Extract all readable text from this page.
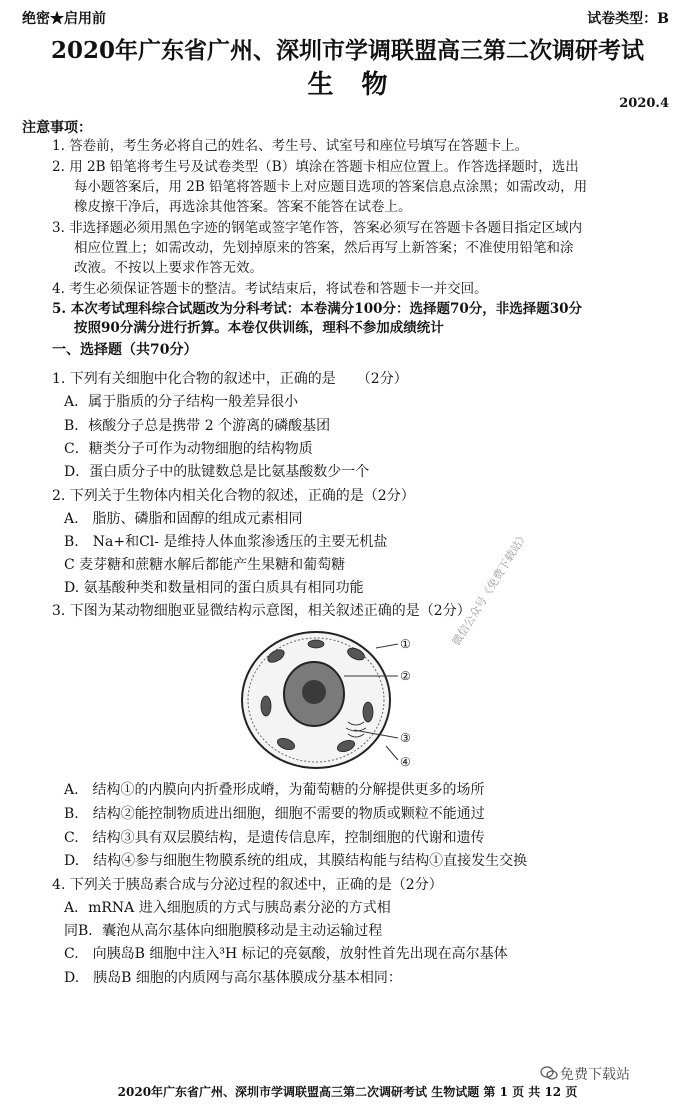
绝密★启用前	试卷类型：B
2020年广东省广州、深圳市学调联盟高三第二次调研考试
生物
2020.4
注意事项：
1. 答卷前，考生务必将自己的姓名、考生号、试室号和座位号填写在答题卡上。
2. 用 2B 铅笔将考生号及试卷类型（B）填涂在答题卡相应位置上。作答选择题时，选出
每小题答案后，用 2B 铅笔将答题卡上对应题目选项的答案信息点涂黑；如需改动，用
橡皮擦干净后，再选涂其他答案。答案不能答在试卷上。
3. 非选择题必须用黑色字迹的钢笔或签字笔作答，答案必须写在答题卡各题目指定区域内
相应位置上；如需改动，先划掉原来的答案，然后再写上新答案；不准使用铅笔和涂
改液。不按以上要求作答无效。
4. 考生必须保证答题卡的整洁。考试结束后，将试卷和答题卡一并交回。
5. 本次考试理科综合试题改为分科考试：本卷满分100分：选择题70分，非选择题30分
按照90分满分进行折算。本卷仅供训练，理科不参加成绩统计
一、选择题（共70分）
1. 下列有关细胞中化合物的叙述中，正确的是　　（2分）
A．属于脂质的分子结构一般差异很小
B．核酸分子总是携带 2 个游离的磷酸基团
C．糖类分子可作为动物细胞的结构物质
D．蛋白质分子中的肽键数总是比氨基酸数少一个
2. 下列关于生物体内相关化合物的叙述，正确的是（2分）
A.　脂肪、磷脂和固醇的组成元素相同
B.　Na+和Cl- 是维持人体血浆渗透压的主要无机盐
C 麦芽糖和蔗糖水解后都能产生果糖和葡萄糖
D. 氨基酸种类和数量相同的蛋白质具有相同功能
3. 下图为某动物细胞亚显微结构示意图，相关叙述正确的是（2分）
①
②
③
④
微信公众号《免费下载站》
A.　结构①的内膜向内折叠形成嵴，为葡萄糖的分解提供更多的场所
B.　结构②能控制物质进出细胞，细胞不需要的物质或颗粒不能通过
C.　结构③具有双层膜结构，是遗传信息库，控制细胞的代谢和遗传
D.　结构④参与细胞生物膜系统的组成，其膜结构能与结构①直接发生交换
4. 下列关于胰岛素合成与分泌过程的叙述中，正确的是（2分）
A．mRNA 进入细胞质的方式与胰岛素分泌的方式相
同B．囊泡从高尔基体向细胞膜移动是主动运输过程
C.　向胰岛B 细胞中注入³H 标记的亮氨酸，放射性首先出现在高尔基体
D.　胰岛B 细胞的内质网与高尔基体膜成分基本相同：
免费下载站
2020年广东省广州、深圳市学调联盟高三第二次调研考试 生物试题 第 1 页 共 12 页
